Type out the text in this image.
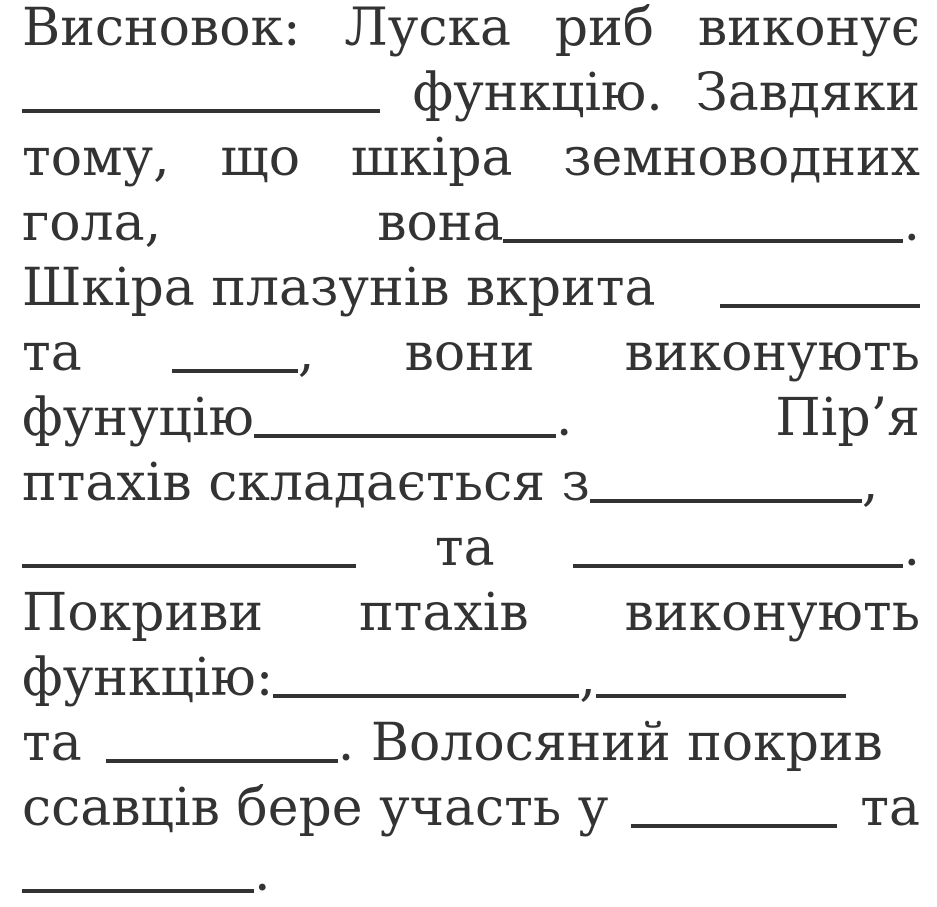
Висновок: Луска риб виконує
функцію. Завдяки
тому, що шкіра земноводних
гола,	вона	.
Шкіра плазунів вкрита
та	, вони виконують
фунуцію	.	Пір’я
птахів складається з	,
та	.
Покриви птахів виконують
функцію:	,
та	. Волосяний покрив
ссавців бере участь у	та
.
